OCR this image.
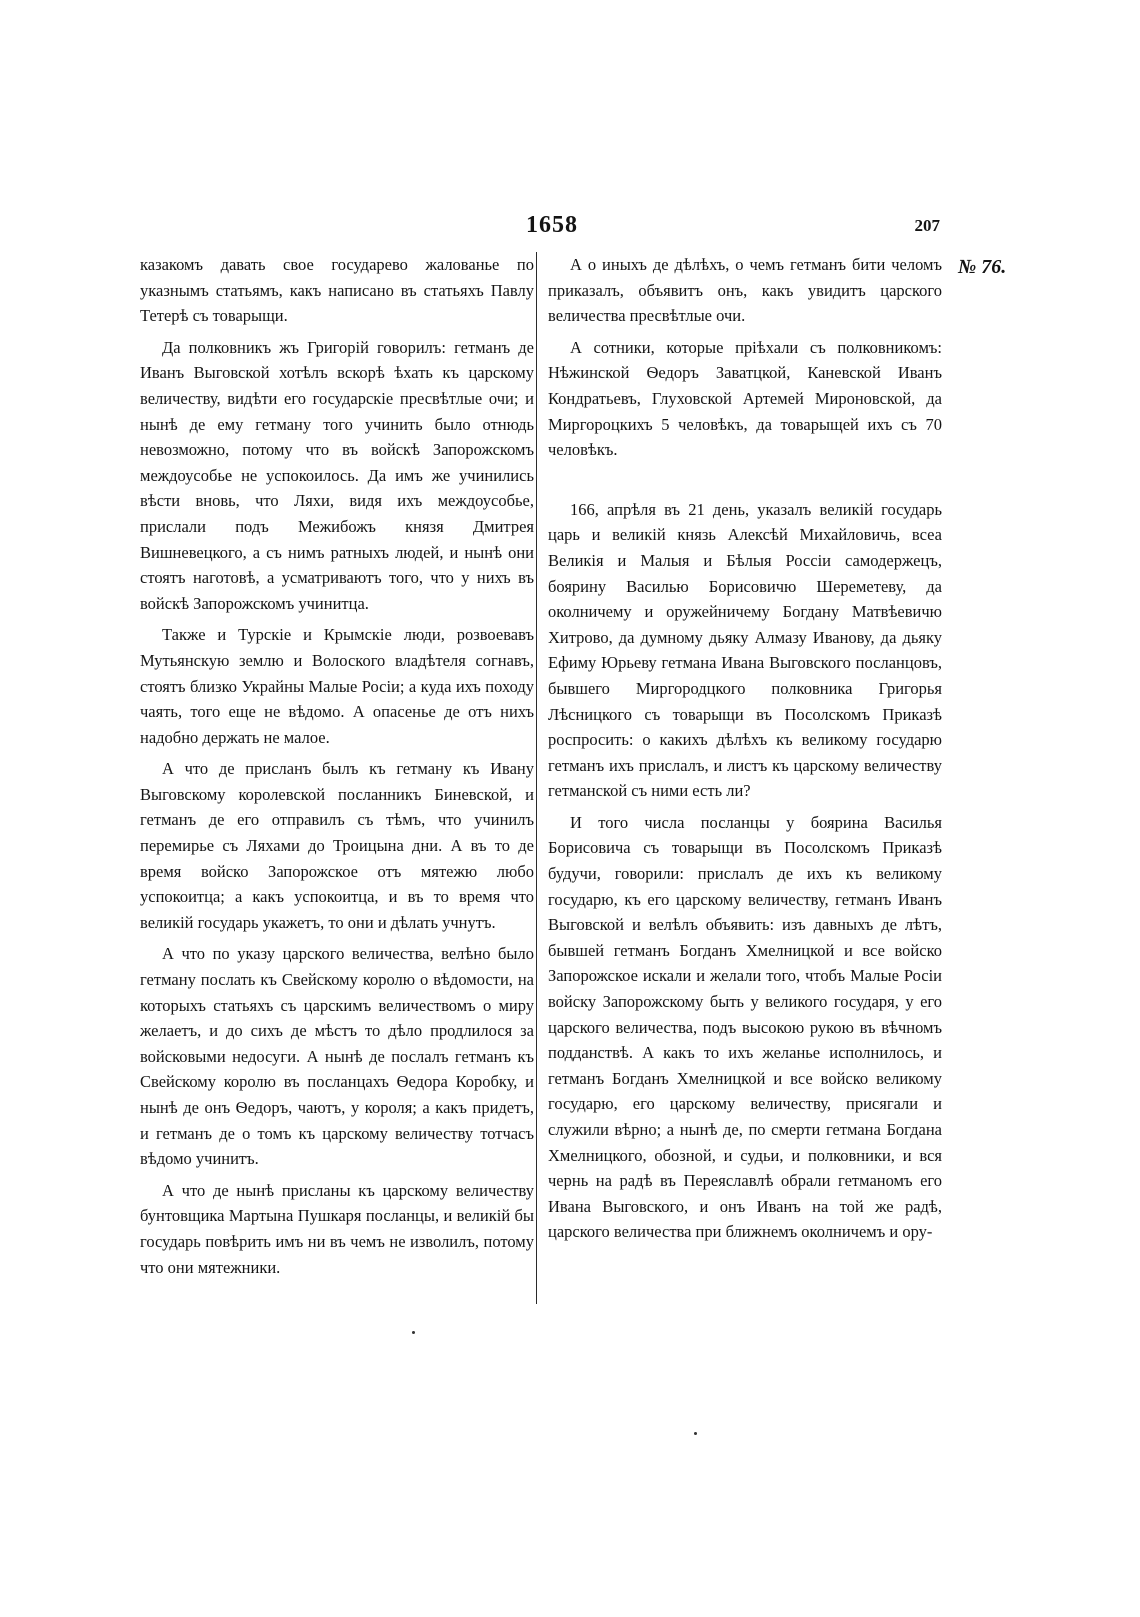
1658	207
№ 76.

казакомъ давать свое государево жалованье по указнымъ статьямъ, какъ написано въ статьяхъ Павлу Тетерѣ съ товарыщи.

Да полковникъ жъ Григорій говорилъ: гетманъ де Иванъ Выговской хотѣлъ вскорѣ ѣхать къ царскому величеству, видѣти его государскіе пресвѣтлые очи; и нынѣ де ему гетману того учинить было отнюдь невозможно, потому что въ войскѣ Запорожскомъ междоусобье не успокоилось. Да имъ же учинились вѣсти вновь, что Ляхи, видя ихъ междоусобье, прислали подъ Межибожъ князя Дмитрея Вишневецкого, а съ нимъ ратныхъ людей, и нынѣ они стоятъ наготовѣ, а усматриваютъ того, что у нихъ въ войскѣ Запорожскомъ учинитца.

Также и Турскіе и Крымскіе люди, розвоевавъ Мутьянскую землю и Волоского владѣтеля согнавъ, стоятъ близко Украйны Малые Росіи; а куда ихъ походу чаять, того еще не вѣдомо. А опасенье де отъ нихъ надобно держать не малое.

А что де присланъ былъ къ гетману къ Ивану Выговскому королевской посланникъ Биневской, и гетманъ де его отправилъ съ тѣмъ, что учинилъ перемирье съ Ляхами до Троицына дни. А въ то де время войско Запорожское отъ мятежю любо успокоитца; а какъ успокоитца, и въ то время что великій государь укажетъ, то они и дѣлать учнутъ.

А что по указу царского величества, велѣно было гетману послать къ Свейскому королю о вѣдомости, на которыхъ статьяхъ съ царскимъ величествомъ о миру желаетъ, и до сихъ де мѣстъ то дѣло продлилося за войсковыми недосуги. А нынѣ де послалъ гетманъ къ Свейскому королю въ посланцахъ Ѳедора Коробку, и нынѣ де онъ Ѳедоръ, чаютъ, у короля; а какъ придетъ, и гетманъ де о томъ къ царскому величеству тотчасъ вѣдомо учинитъ.

А что де нынѣ присланы къ царскому величеству бунтовщика Мартына Пушкаря посланцы, и великій бы государь повѣрить имъ ни въ чемъ не изволилъ, потому что они мятежники.

А о иныхъ де дѣлѣхъ, о чемъ гетманъ бити челомъ приказалъ, объявитъ онъ, какъ увидитъ царского величества пресвѣтлые очи.

А сотники, которые пріѣхали съ полковникомъ: Нѣжинской Ѳедоръ Заватцкой, Каневской Иванъ Кондратьевъ, Глуховской Артемей Мироновской, да Миргороцкихъ 5 человѣкъ, да товарыщей ихъ съ 70 человѣкъ.

166, апрѣля въ 21 день, указалъ великій государь царь и великій князь Алексѣй Михайловичь, всеа Великія и Малыя и Бѣлыя Россіи самодержецъ, боярину Василью Борисовичю Шереметеву, да околничему и оружейничему Богдану Матвѣевичю Хитрово, да думному дьяку Алмазу Иванову, да дьяку Ефиму Юрьеву гетмана Ивана Выговского посланцовъ, бывшего Миргородцкого полковника Григорья Лѣсницкого съ товарыщи въ Посолскомъ Приказѣ роспросить: о какихъ дѣлѣхъ къ великому государю гетманъ ихъ прислалъ, и листъ къ царскому величеству гетманской съ ними есть ли?

И того числа посланцы у боярина Василья Борисовича съ товарыщи въ Посолскомъ Приказѣ будучи, говорили: прислалъ де ихъ къ великому государю, къ его царскому величеству, гетманъ Иванъ Выговской и велѣлъ объявить: изъ давныхъ де лѣтъ, бывшей гетманъ Богданъ Хмелницкой и все войско Запорожское искали и желали того, чтобъ Малые Росіи войску Запорожскому быть у великого государя, у его царского величества, подъ высокою рукою въ вѣчномъ подданствѣ. А какъ то ихъ желанье исполнилось, и гетманъ Богданъ Хмелницкой и все войско великому государю, его царскому величеству, присягали и служили вѣрно; а нынѣ де, по смерти гетмана Богдана Хмелницкого, обозной, и судьи, и полковники, и вся чернь на радѣ въ Переяславлѣ обрали гетманомъ его Ивана Выговского, и онъ Иванъ на той же радѣ, царского величества при ближнемъ околничемъ и ору-
